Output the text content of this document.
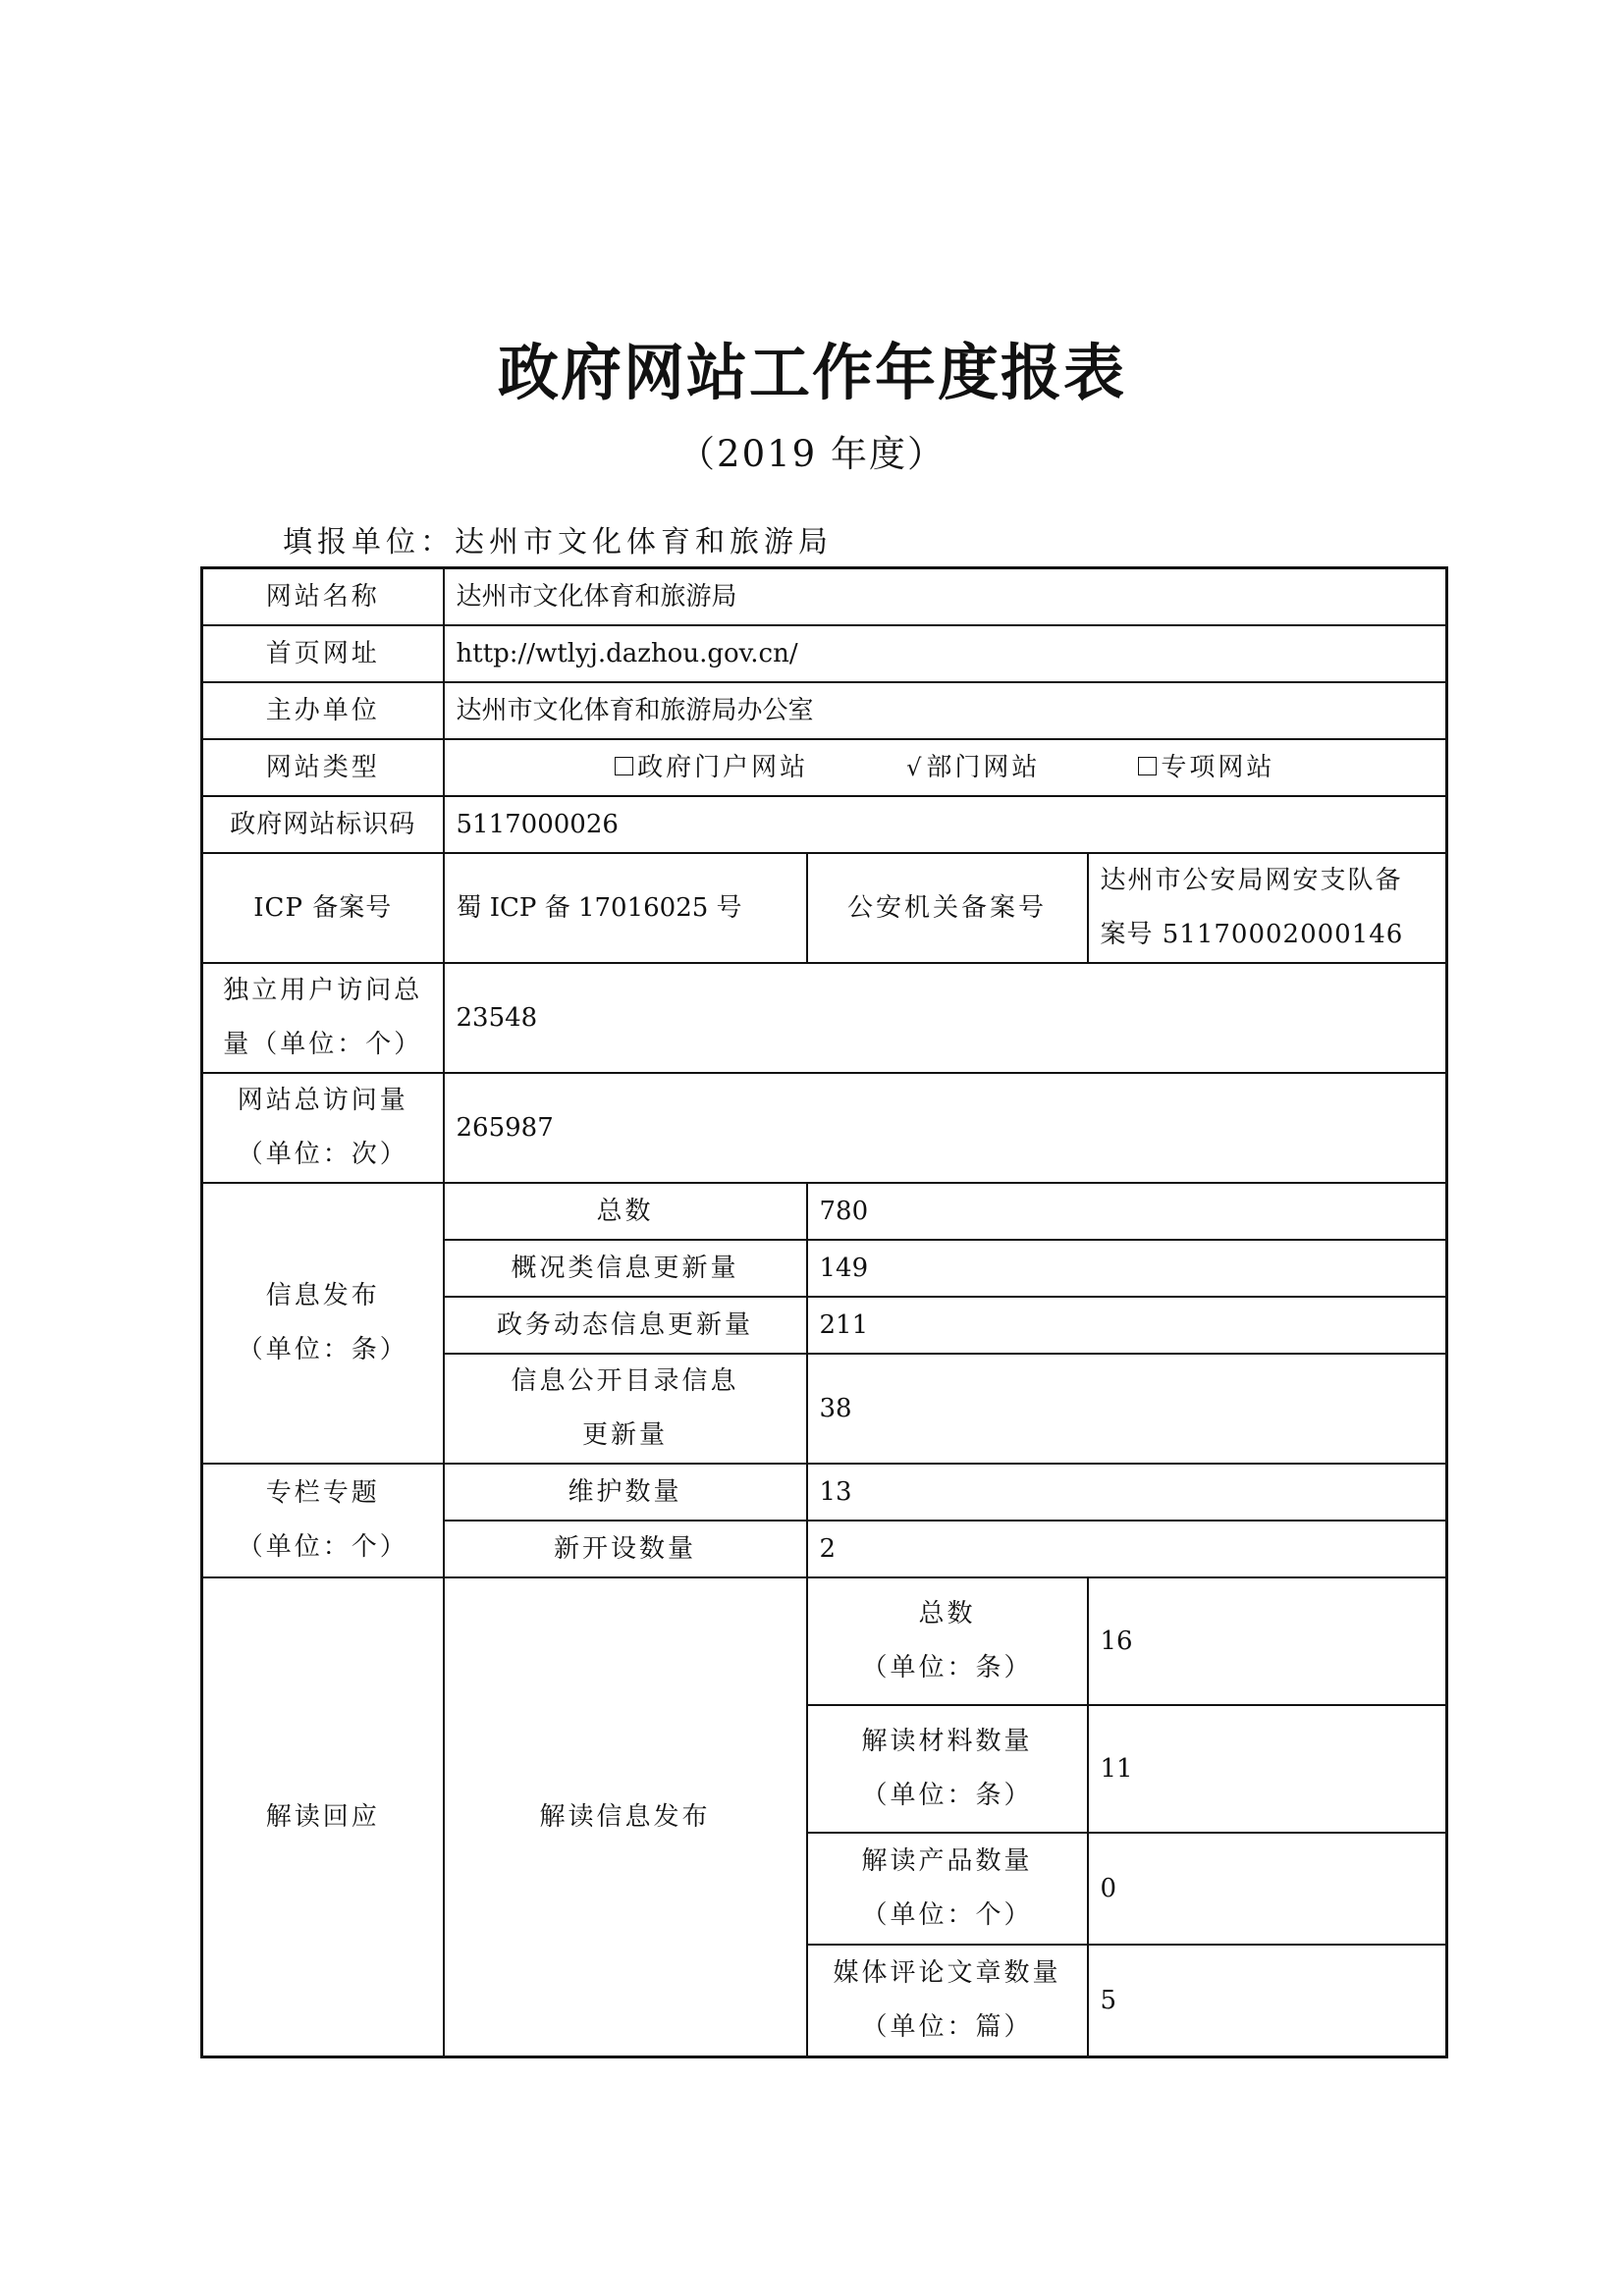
政府网站工作年度报表
（2019 年度）
填报单位：达州市文化体育和旅游局
网站名称	达州市文化体育和旅游局		
首页网址	http://wtlyj.dazhou.gov.cn/		
主办单位	达州市文化体育和旅游局办公室		
网站类型	政府门户网站 √部门网站 专项网站		

政府网站标识码	5117000026		
ICP 备案号	蜀 ICP 备 17016025 号	公安机关备案号	达州市公安局网安支队备
案号 51170002000146

独立用户访问总
量（单位：个）	23548		

网站总访问量
（单位：次）	265987		

信息发布
（单位：条）	总数	780	
	概况类信息更新量	149	
	政务动态信息更新量	211	

	信息公开目录信息
更新量	38	

专栏专题
（单位：个）	维护数量	13	
	新开设数量	2	
解读回应	解读信息发布	总数
（单位：条）	16

		解读材料数量
（单位：条）	11

		解读产品数量
（单位：个）	0

		媒体评论文章数量
（单位：篇）	5
